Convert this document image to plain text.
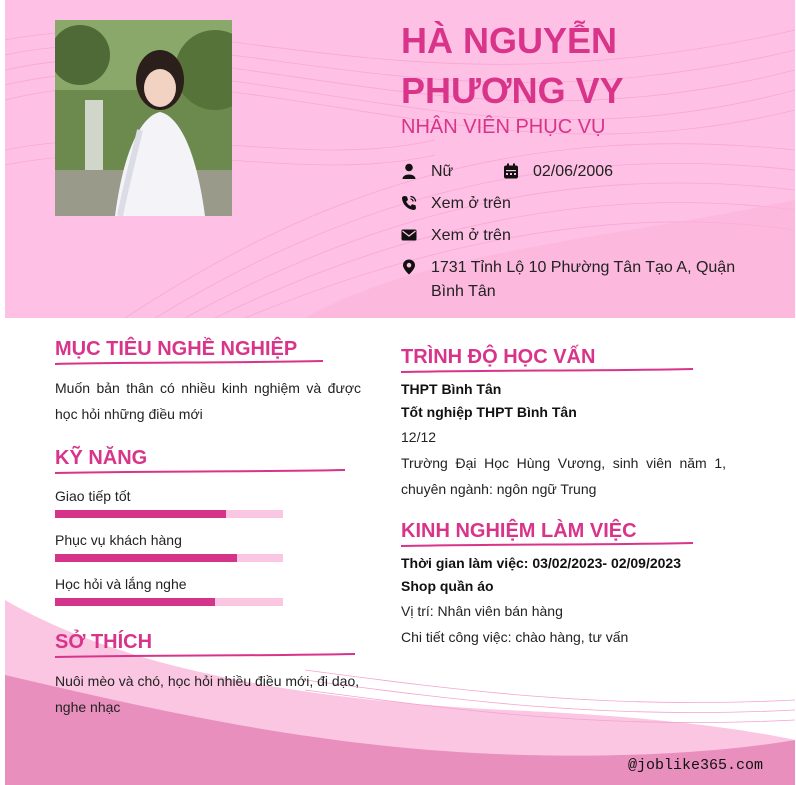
HÀ NGUYỄN PHƯƠNG VY
NHÂN VIÊN PHỤC VỤ
Nữ	02/06/2006
Xem ở trên
Xem ở trên
1731 Tỉnh Lộ 10 Phường Tân Tạo A, Quận Bình Tân
MỤC TIÊU NGHỀ NGHIỆP
Muốn bản thân có nhiều kinh nghiệm và được học hỏi những điều mới
KỸ NĂNG
Giao tiếp tốt
Phục vụ khách hàng
Học hỏi và lắng nghe
SỞ THÍCH
Nuôi mèo và chó, học hỏi nhiều điều mới, đi dạo, nghe nhạc
TRÌNH ĐỘ HỌC VẤN
THPT Bình Tân
Tốt nghiệp THPT Bình Tân
12/12
Trường Đại Học Hùng Vương, sinh viên năm 1, chuyên ngành: ngôn ngữ Trung
KINH NGHIỆM LÀM VIỆC
Thời gian làm việc: 03/02/2023- 02/09/2023
Shop quần áo
Vị trí: Nhân viên bán hàng
Chi tiết công việc: chào hàng, tư vấn
@joblike365.com
